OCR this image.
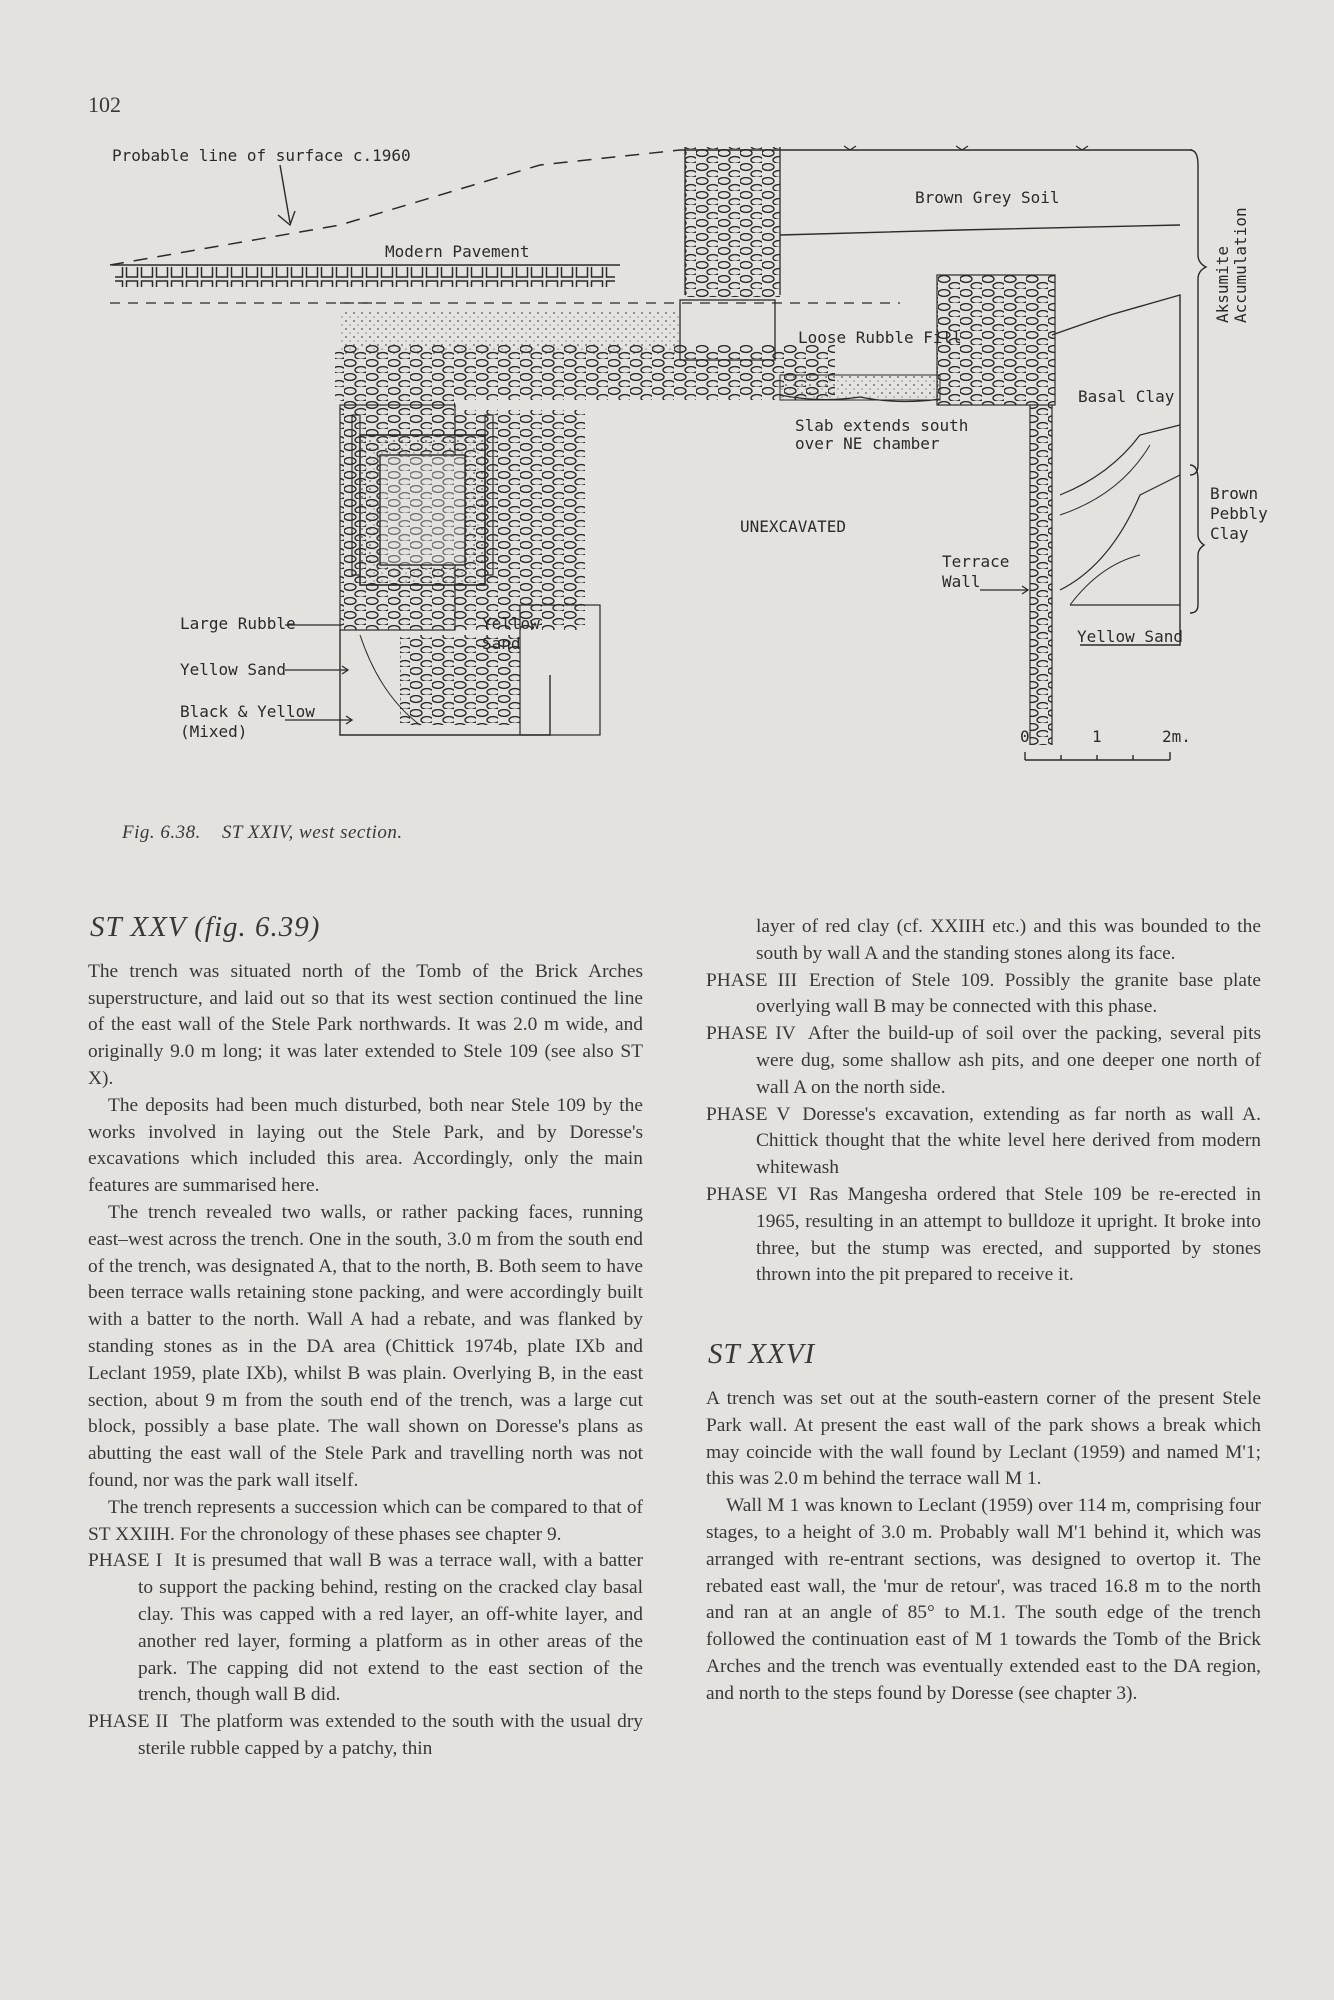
102
Probable line of surface c.1960
Modern Pavement
Brown Grey Soil
Aksumite Accumulation
Loose Rubble Fill
Basal Clay
Slab extends south
over NE chamber
Brown
Pebbly
Clay
UNEXCAVATED
Terrace
Wall
Large Rubble
Yellow Sand
Yellow
Sand
Black & Yellow
(Mixed)
Yellow Sand
0	1	2m.
Fig. 6.38. ST XXIV, west section.
ST XXV (fig. 6.39)

The trench was situated north of the Tomb of the Brick Arches superstructure, and laid out so that its west section continued the line of the east wall of the Stele Park northwards. It was 2.0 m wide, and originally 9.0 m long; it was later extended to Stele 109 (see also ST X).

The deposits had been much disturbed, both near Stele 109 by the works involved in laying out the Stele Park, and by Doresse's excavations which included this area. Accordingly, only the main features are summarised here.

The trench revealed two walls, or rather packing faces, running east–west across the trench. One in the south, 3.0 m from the south end of the trench, was designated A, that to the north, B. Both seem to have been terrace walls retaining stone packing, and were accordingly built with a batter to the north. Wall A had a rebate, and was flanked by standing stones as in the DA area (Chittick 1974b, plate IXb and Leclant 1959, plate IXb), whilst B was plain. Overlying B, in the east section, about 9 m from the south end of the trench, was a large cut block, possibly a base plate. The wall shown on Doresse's plans as abutting the east wall of the Stele Park and travelling north was not found, nor was the park wall itself.

The trench represents a succession which can be compared to that of ST XXIIH. For the chronology of these phases see chapter 9.

PHASE I It is presumed that wall B was a terrace wall, with a batter to support the packing behind, resting on the cracked clay basal clay. This was capped with a red layer, an off-white layer, and another red layer, forming a platform as in other areas of the park. The capping did not extend to the east section of the trench, though wall B did.

PHASE II The platform was extended to the south with the usual dry sterile rubble capped by a patchy, thin

layer of red clay (cf. XXIIH etc.) and this was bounded to the south by wall A and the standing stones along its face.

PHASE III Erection of Stele 109. Possibly the granite base plate overlying wall B may be connected with this phase.

PHASE IV After the build-up of soil over the packing, several pits were dug, some shallow ash pits, and one deeper one north of wall A on the north side.

PHASE V Doresse's excavation, extending as far north as wall A. Chittick thought that the white level here derived from modern whitewash

PHASE VI Ras Mangesha ordered that Stele 109 be re-erected in 1965, resulting in an attempt to bulldoze it upright. It broke into three, but the stump was erected, and supported by stones thrown into the pit prepared to receive it.

ST XXVI

A trench was set out at the south-eastern corner of the present Stele Park wall. At present the east wall of the park shows a break which may coincide with the wall found by Leclant (1959) and named M'1; this was 2.0 m behind the terrace wall M 1.

Wall M 1 was known to Leclant (1959) over 114 m, comprising four stages, to a height of 3.0 m. Probably wall M'1 behind it, which was arranged with re-entrant sections, was designed to overtop it. The rebated east wall, the 'mur de retour', was traced 16.8 m to the north and ran at an angle of 85° to M.1. The south edge of the trench followed the continuation east of M 1 towards the Tomb of the Brick Arches and the trench was eventually extended east to the DA region, and north to the steps found by Doresse (see chapter 3).
